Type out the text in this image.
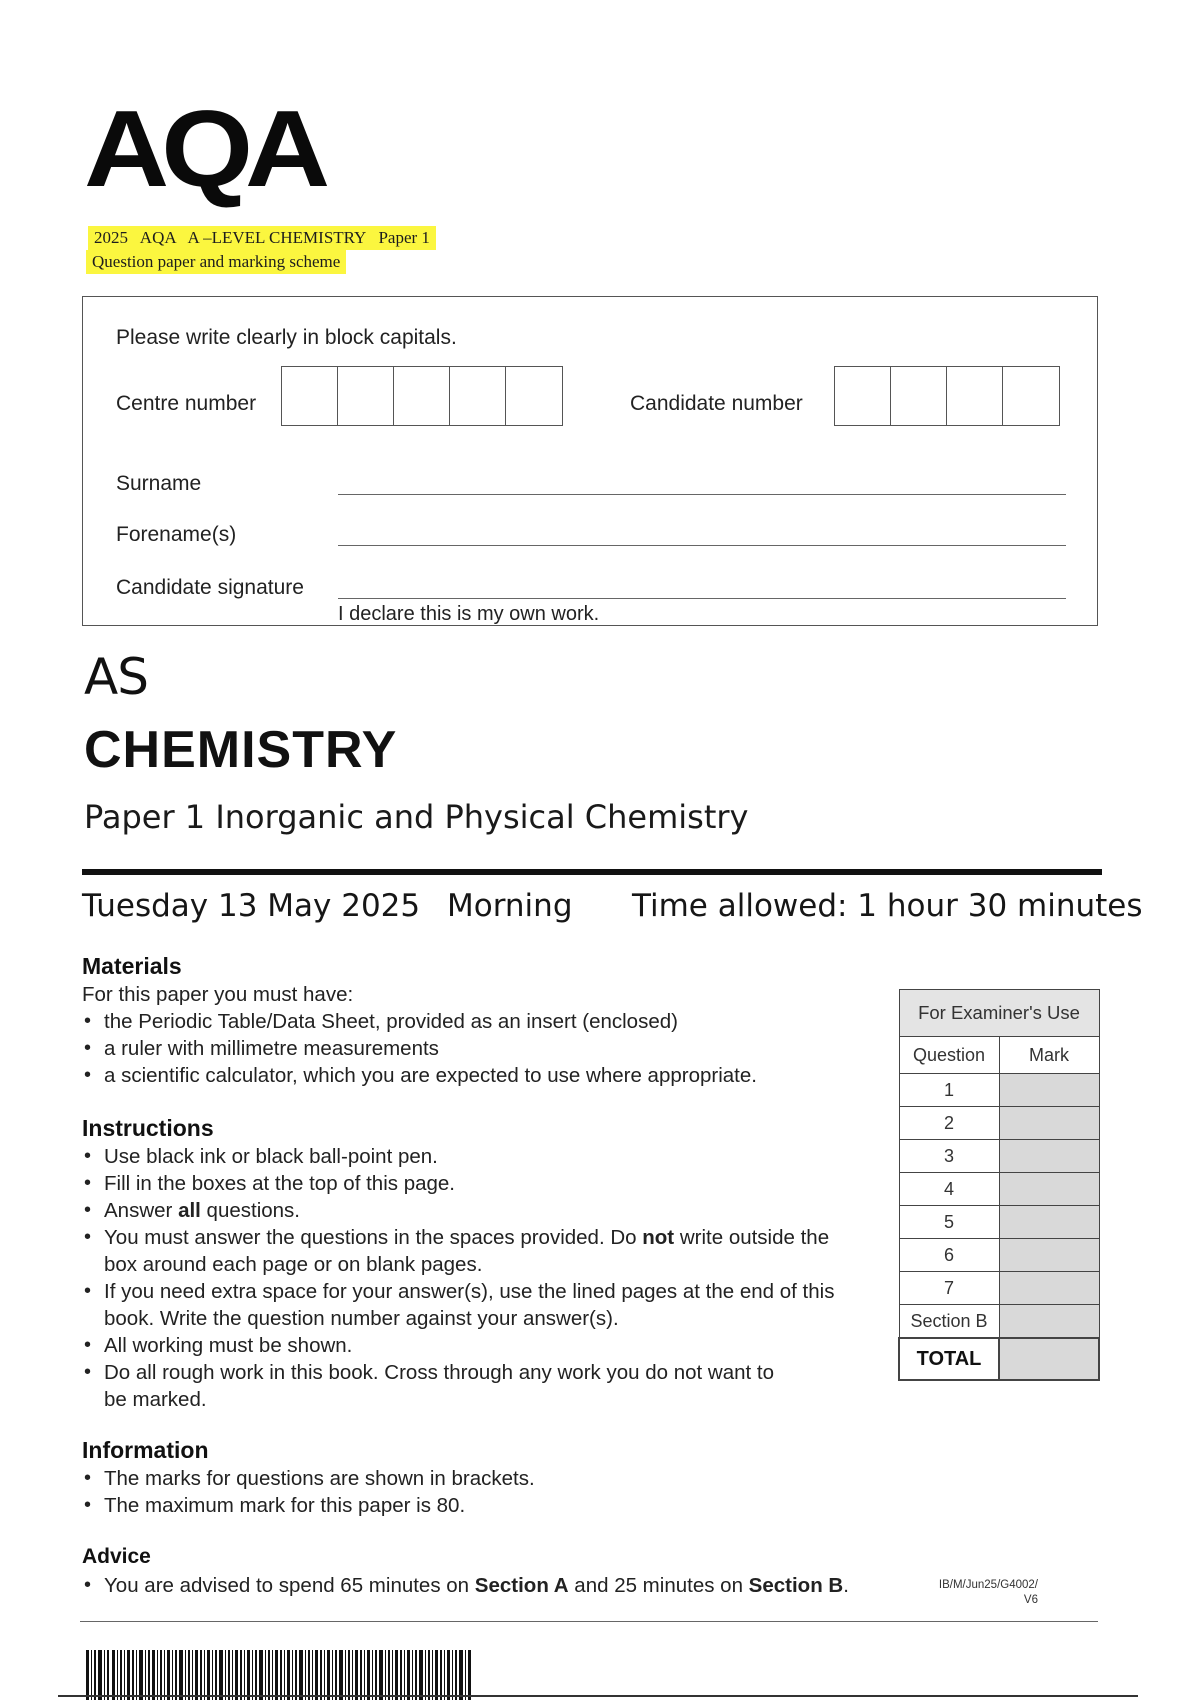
AQA
2025   AQA   A –LEVEL CHEMISTRY   Paper 1
Question paper and marking scheme
Please write clearly in block capitals.
Centre number	Candidate number
Surname
Forename(s)
Candidate signature
I declare this is my own work.
AS
CHEMISTRY
Paper 1 Inorganic and Physical Chemistry
Tuesday 13 May 2025 Morning Time allowed: 1 hour 30 minutes
Materials
For this paper you must have:
• the Periodic Table/Data Sheet, provided as an insert (enclosed)
• a ruler with millimetre measurements
• a scientific calculator, which you are expected to use where appropriate.
Instructions
• Use black ink or black ball-point pen.
• Fill in the boxes at the top of this page.
• Answer all questions.
• You must answer the questions in the spaces provided. Do not write outside the box around each page or on blank pages.
• If you need extra space for your answer(s), use the lined pages at the end of this book. Write the question number against your answer(s).
• All working must be shown.
• Do all rough work in this book. Cross through any work you do not want to be marked.
Information
• The marks for questions are shown in brackets.
• The maximum mark for this paper is 80.
Advice
• You are advised to spend 65 minutes on Section A and 25 minutes on Section B.
For Examiner's Use	
Question	Mark
1	
2	
3	
4	
5	
6	
7	
Section B	
TOTAL	
IB/M/Jun25/G4002/
V6
